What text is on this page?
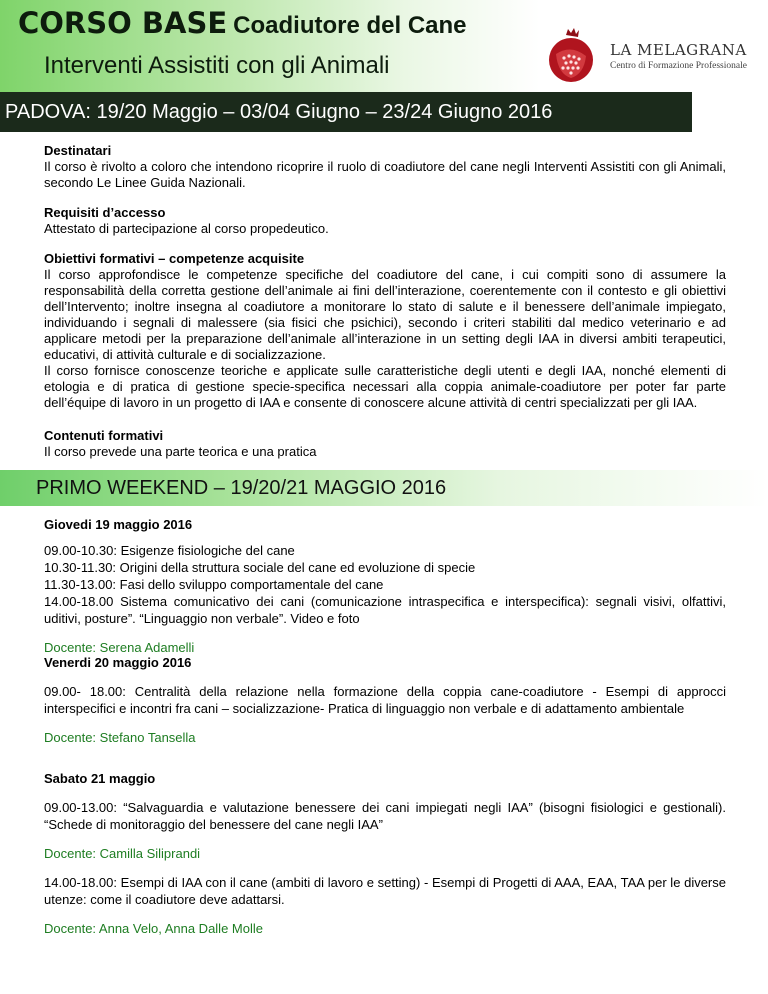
CORSO BASE Coadiutore del Cane
Interventi Assistiti con gli Animali
LA MELAGRANA
Centro di Formazione Professionale
PADOVA: 19/20 Maggio – 03/04 Giugno – 23/24 Giugno 2016
Destinatari
Il corso è rivolto a coloro che intendono ricoprire il ruolo di coadiutore del cane negli Interventi Assistiti con gli Animali, secondo Le Linee Guida Nazionali.
Requisiti d’accesso
Attestato di partecipazione al corso propedeutico.
Obiettivi formativi – competenze acquisite
Il corso approfondisce le competenze specifiche del coadiutore del cane, i cui compiti sono di assumere la responsabilità della corretta gestione dell’animale ai fini dell’interazione, coerentemente con il contesto e gli obiettivi dell’Intervento; inoltre insegna al coadiutore a monitorare lo stato di salute e il benessere dell’animale impiegato, individuando i segnali di malessere (sia fisici che psichici), secondo i criteri stabiliti dal medico veterinario e ad applicare metodi per la preparazione dell’animale all’interazione in un setting degli IAA in diversi ambiti terapeutici, educativi, di attività culturale e di socializzazione.
Il corso fornisce conoscenze teoriche e applicate sulle caratteristiche degli utenti e degli IAA, nonché elementi di etologia e di pratica di gestione specie-specifica necessari alla coppia animale-coadiutore per poter far parte dell’équipe di lavoro in un progetto di IAA e consente di conoscere alcune attività di centri specializzati per gli IAA.
Contenuti formativi
Il corso prevede una parte teorica e una pratica
PRIMO WEEKEND – 19/20/21 MAGGIO 2016
Giovedi 19 maggio 2016
09.00-10.30: Esigenze fisiologiche del cane
10.30-11.30: Origini della struttura sociale del cane ed evoluzione di specie
11.30-13.00: Fasi dello sviluppo comportamentale del cane
14.00-18.00 Sistema comunicativo dei cani (comunicazione intraspecifica e interspecifica): segnali visivi, olfattivi, uditivi, posture”. “Linguaggio non verbale”. Video e foto
Docente: Serena Adamelli
Venerdi 20 maggio 2016
09.00- 18.00: Centralità della relazione nella formazione della coppia cane-coadiutore - Esempi di approcci interspecifici e incontri fra cani – socializzazione- Pratica di linguaggio non verbale e di adattamento ambientale
Docente: Stefano Tansella
Sabato 21 maggio
09.00-13.00: “Salvaguardia e valutazione benessere dei cani impiegati negli IAA” (bisogni fisiologici e gestionali). “Schede di monitoraggio del benessere del cane negli IAA”
Docente: Camilla Siliprandi
14.00-18.00: Esempi di IAA con il cane (ambiti di lavoro e setting) - Esempi di Progetti di AAA, EAA, TAA per le diverse utenze: come il coadiutore deve adattarsi.
Docente: Anna Velo, Anna Dalle Molle
